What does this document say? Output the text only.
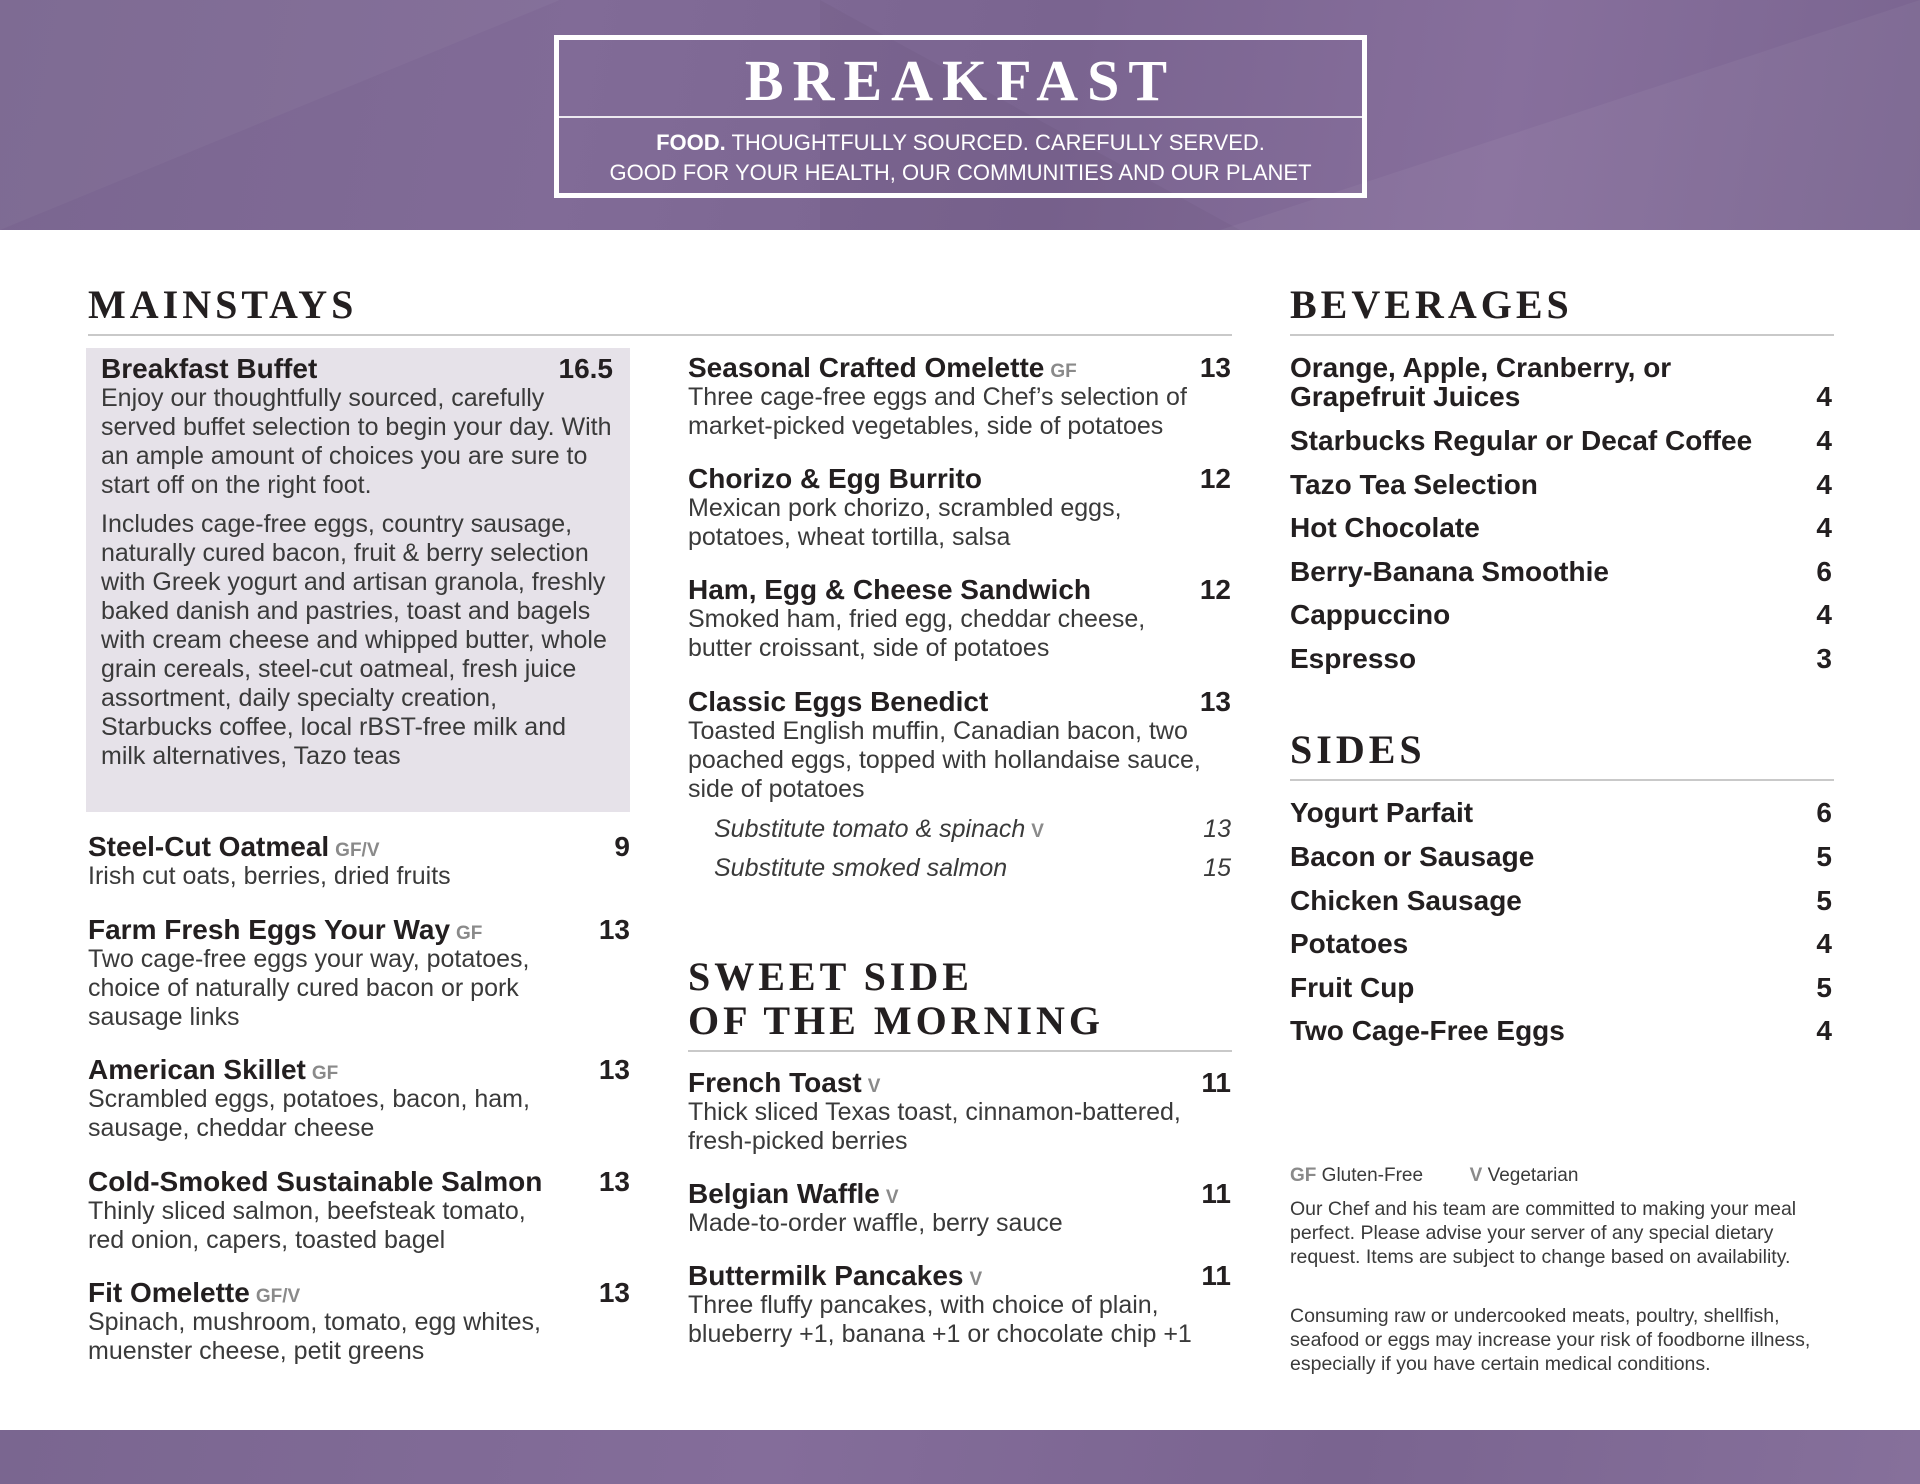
BREAKFAST
FOOD. THOUGHTFULLY SOURCED. CAREFULLY SERVED.
GOOD FOR YOUR HEALTH, OUR COMMUNITIES AND OUR PLANET
MAINSTAYS
Breakfast Buffet	16.5
Enjoy our thoughtfully sourced, carefully served buffet selection to begin your day. With an ample amount of choices you are sure to start off on the right foot.
Includes cage-free eggs, country sausage, naturally cured bacon, fruit & berry selection with Greek yogurt and artisan granola, freshly baked danish and pastries, toast and bagels with cream cheese and whipped butter, whole grain cereals, steel-cut oatmeal, fresh juice assortment, daily specialty creation, Starbucks coffee, local rBST-free milk and milk alternatives, Tazo teas
Steel-Cut Oatmeal GF/V	9
Irish cut oats, berries, dried fruits
Farm Fresh Eggs Your Way GF	13
Two cage-free eggs your way, potatoes, choice of naturally cured bacon or pork sausage links
American Skillet GF	13
Scrambled eggs, potatoes, bacon, ham, sausage, cheddar cheese
Cold-Smoked Sustainable Salmon 13
Thinly sliced salmon, beefsteak tomato, red onion, capers, toasted bagel
Fit Omelette GF/V	13
Spinach, mushroom, tomato, egg whites, muenster cheese, petit greens
Seasonal Crafted Omelette GF	13
Three cage-free eggs and Chef’s selection of market-picked vegetables, side of potatoes
Chorizo & Egg Burrito	12
Mexican pork chorizo, scrambled eggs, potatoes, wheat tortilla, salsa
Ham, Egg & Cheese Sandwich	12
Smoked ham, fried egg, cheddar cheese, butter croissant, side of potatoes
Classic Eggs Benedict	13
Toasted English muffin, Canadian bacon, two poached eggs, topped with hollandaise sauce, side of potatoes
Substitute tomato & spinach V	13
Substitute smoked salmon	15
SWEET SIDE
OF THE MORNING
French Toast V	11
Thick sliced Texas toast, cinnamon-battered, fresh-picked berries
Belgian Waffle V	11
Made-to-order waffle, berry sauce
Buttermilk Pancakes V	11
Three fluffy pancakes, with choice of plain, blueberry +1, banana +1 or chocolate chip +1
BEVERAGES
Orange, Apple, Cranberry, or
Grapefruit Juices	4
Starbucks Regular or Decaf Coffee 4
Tazo Tea Selection	4
Hot Chocolate	4
Berry-Banana Smoothie	6
Cappuccino	4
Espresso	3
SIDES
Yogurt Parfait	6
Bacon or Sausage	5
Chicken Sausage	5
Potatoes	4
Fruit Cup	5
Two Cage-Free Eggs	4
GF Gluten-Free V Vegetarian
Our Chef and his team are committed to making your meal perfect. Please advise your server of any special dietary request. Items are subject to change based on availability.
Consuming raw or undercooked meats, poultry, shellfish, seafood or eggs may increase your risk of foodborne illness, especially if you have certain medical conditions.
